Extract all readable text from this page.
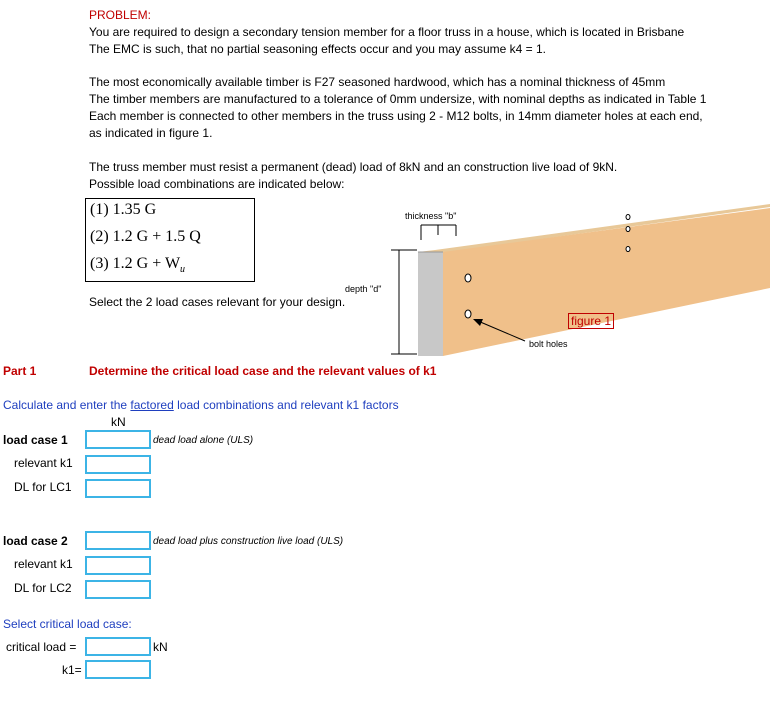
PROBLEM:
You are required to design a secondary tension member for a floor truss in a house, which is located in Brisbane
The EMC is such, that no partial seasoning effects occur and you may assume k4 = 1.
The most economically available timber is F27 seasoned hardwood, which has a nominal thickness of 45mm
The timber members are manufactured to a tolerance of 0mm undersize, with nominal depths as indicated in Table 1
Each member is connected to other members in the truss using 2 - M12 bolts, in 14mm diameter holes at each end,
as indicated in figure 1.
The truss member must resist a permanent (dead) load of 8kN and an construction live load of 9kN.
Possible load combinations are indicated below:
(1) 1.35 G
(2) 1.2 G + 1.5 Q
(3) 1.2 $G + W_u$
Select the 2 load cases relevant for your design.
thickness "b"
depth "d"
figure 1
bolt holes
Part 1	Determine the critical load case and the relevant values of k1
Calculate and enter the factored load combinations and relevant k1 factors
kN
load case 1	dead load alone (ULS)
relevant k1
DL for LC1
load case 2	dead load plus construction live load (ULS)
relevant k1
DL for LC2
Select critical load case:
critical load =	kN
k1=
